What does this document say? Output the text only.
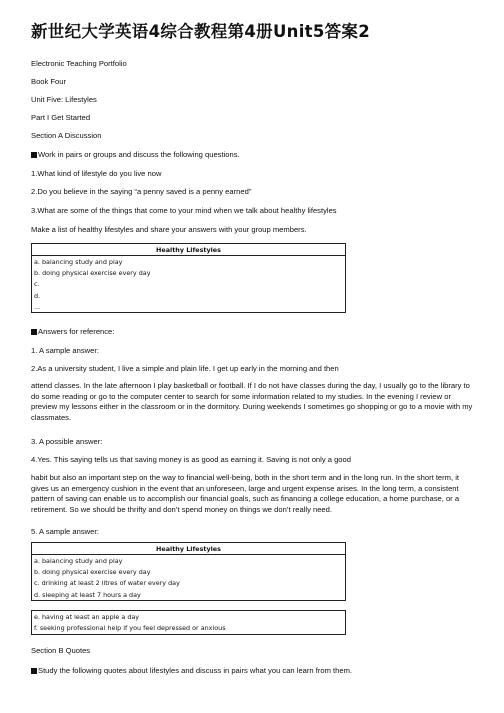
新世纪大学英语4综合教程第4册Unit5答案2
Electronic Teaching Portfolio
Book Four
Unit Five: Lifestyles
Part I Get Started
Section A Discussion
Work in pairs or groups and discuss the following questions.
1.What kind of lifestyle do you live now
2.Do you believe in the saying “a penny saved is a penny earned”
3.What are some of the things that come to your mind when we talk about healthy lifestyles
Make a list of healthy lifestyles and share your answers with your group members.
Healthy Lifestyles
a. balancing study and play
b. doing physical exercise every day
c.
d.
...
Answers for reference:
1. A sample answer:
2.As a university student, I live a simple and plain life. I get up early in the morning and then
attend classes. In the late afternoon I play basketball or football. If I do not have classes during the day, I usually go to the library to do some reading or go to the computer center to search for some information related to my studies. In the evening I review or preview my lessons either in the classroom or in the dormitory. During weekends I sometimes go shopping or go to a movie with my classmates.
3. A possible answer:
4.Yes. This saying tells us that saving money is as good as earning it. Saving is not only a good
habit but also an important step on the way to financial well-being, both in the short term and in the long run. In the short term, it gives us an emergency cushion in the event that an unforeseen, large and urgent expense arises. In the long term, a consistent pattern of saving can enable us to accomplish our financial goals, such as financing a college education, a home purchase, or a retirement. So we should be thrifty and don’t spend money on things we don’t really need.
5. A sample answer:
Healthy Lifestyles
a. balancing study and play
b. doing physical exercise every day
c. drinking at least 2 litres of water every day
d. sleeping at least 7 hours a day
e. having at least an apple a day
f. seeking professional help if you feel depressed or anxious
Section B Quotes
Study the following quotes about lifestyles and discuss in pairs what you can learn from them.
